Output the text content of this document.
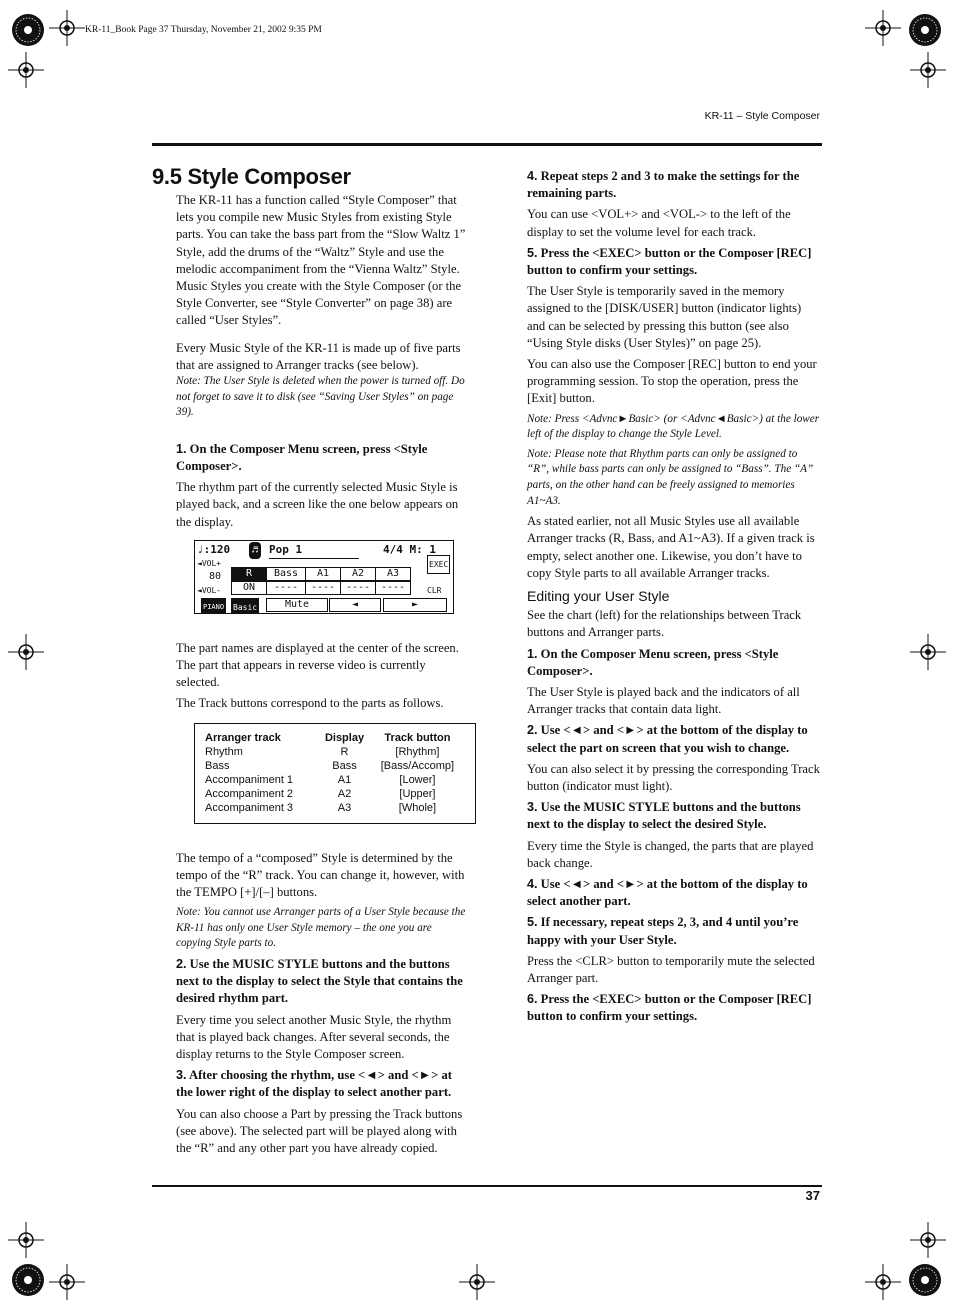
KR-11_Book Page 37 Thursday, November 21, 2002 9:35 PM
KR-11 – Style Composer
9.5 Style Composer

The KR-11 has a function called “Style Composer” that lets you compile new Music Styles from existing Style parts. You can take the bass part from the “Slow Waltz 1” Style, add the drums of the “Waltz” Style and use the melodic accompaniment from the “Vienna Waltz” Style. Music Styles you create with the Style Composer (or the Style Converter, see “Style Converter” on page 38) are called “User Styles”.

Every Music Style of the KR-11 is made up of five parts that are assigned to Arranger tracks (see below).

Note: The User Style is deleted when the power is turned off. Do not forget to save it to disk (see “Saving User Styles” on page 39).

1. On the Composer Menu screen, press <Style Composer>.

The rhythm part of the currently selected Music Style is played back, and a screen like the one below appears on the display.

♩:120	♬ Pop 1	4/4 M: 1
◄VOL+	EXEC
80	R	Bass	A1	A2	A3
◄VOL-	ON	----	----	----	----	CLR
PIANO Basic	Mute	◄	►

The part names are displayed at the center of the screen. The part that appears in reverse video is currently selected.

The Track buttons correspond to the parts as follows.

Arranger track	Display	Track button
Rhythm	R	[Rhythm]
Bass	Bass	[Bass/Accomp]
Accompaniment 1	A1	[Lower]
Accompaniment 2	A2	[Upper]
Accompaniment 3	A3	[Whole]

The tempo of a “composed” Style is determined by the tempo of the “R” track. You can change it, however, with the TEMPO [+]/[–] buttons.

Note: You cannot use Arranger parts of a User Style because the KR-11 has only one User Style memory – the one you are copying Style parts to.

2. Use the MUSIC STYLE buttons and the buttons next to the display to select the Style that contains the desired rhythm part.

Every time you select another Music Style, the rhythm that is played back changes. After several seconds, the display returns to the Style Composer screen.

3. After choosing the rhythm, use <◄> and <►> at the lower right of the display to select another part.

You can also choose a Part by pressing the Track buttons (see above). The selected part will be played along with the “R” and any other part you have already copied.

4. Repeat steps 2 and 3 to make the settings for the remaining parts.

You can use <VOL+> and <VOL-> to the left of the display to set the volume level for each track.

5. Press the <EXEC> button or the Composer [REC] button to confirm your settings.

The User Style is temporarily saved in the memory assigned to the [DISK/USER] button (indicator lights) and can be selected by pressing this button (see also “Using Style disks (User Styles)” on page 25).

You can also use the Composer [REC] button to end your programming session. To stop the operation, press the [Exit] button.

Note: Press <Advnc►Basic> (or <Advnc◄Basic>) at the lower left of the display to change the Style Level.

Note: Please note that Rhythm parts can only be assigned to “R”, while bass parts can only be assigned to “Bass”. The “A” parts, on the other hand can be freely assigned to memories A1~A3.

As stated earlier, not all Music Styles use all available Arranger tracks (R, Bass, and A1~A3). If a given track is empty, select another one. Likewise, you don’t have to copy Style parts to all available Arranger tracks.

Editing your User Style

See the chart (left) for the relationships between Track buttons and Arranger parts.

1. On the Composer Menu screen, press <Style Composer>.

The User Style is played back and the indicators of all Arranger tracks that contain data light.

2. Use <◄> and <►> at the bottom of the display to select the part on screen that you wish to change.

You can also select it by pressing the corresponding Track button (indicator must light).

3. Use the MUSIC STYLE buttons and the buttons next to the display to select the desired Style.

Every time the Style is changed, the parts that are played back change.

4. Use <◄> and <►> at the bottom of the display to select another part.

5. If necessary, repeat steps 2, 3, and 4 until you’re happy with your User Style.

Press the <CLR> button to temporarily mute the selected Arranger part.

6. Press the <EXEC> button or the Composer [REC] button to confirm your settings.

37
